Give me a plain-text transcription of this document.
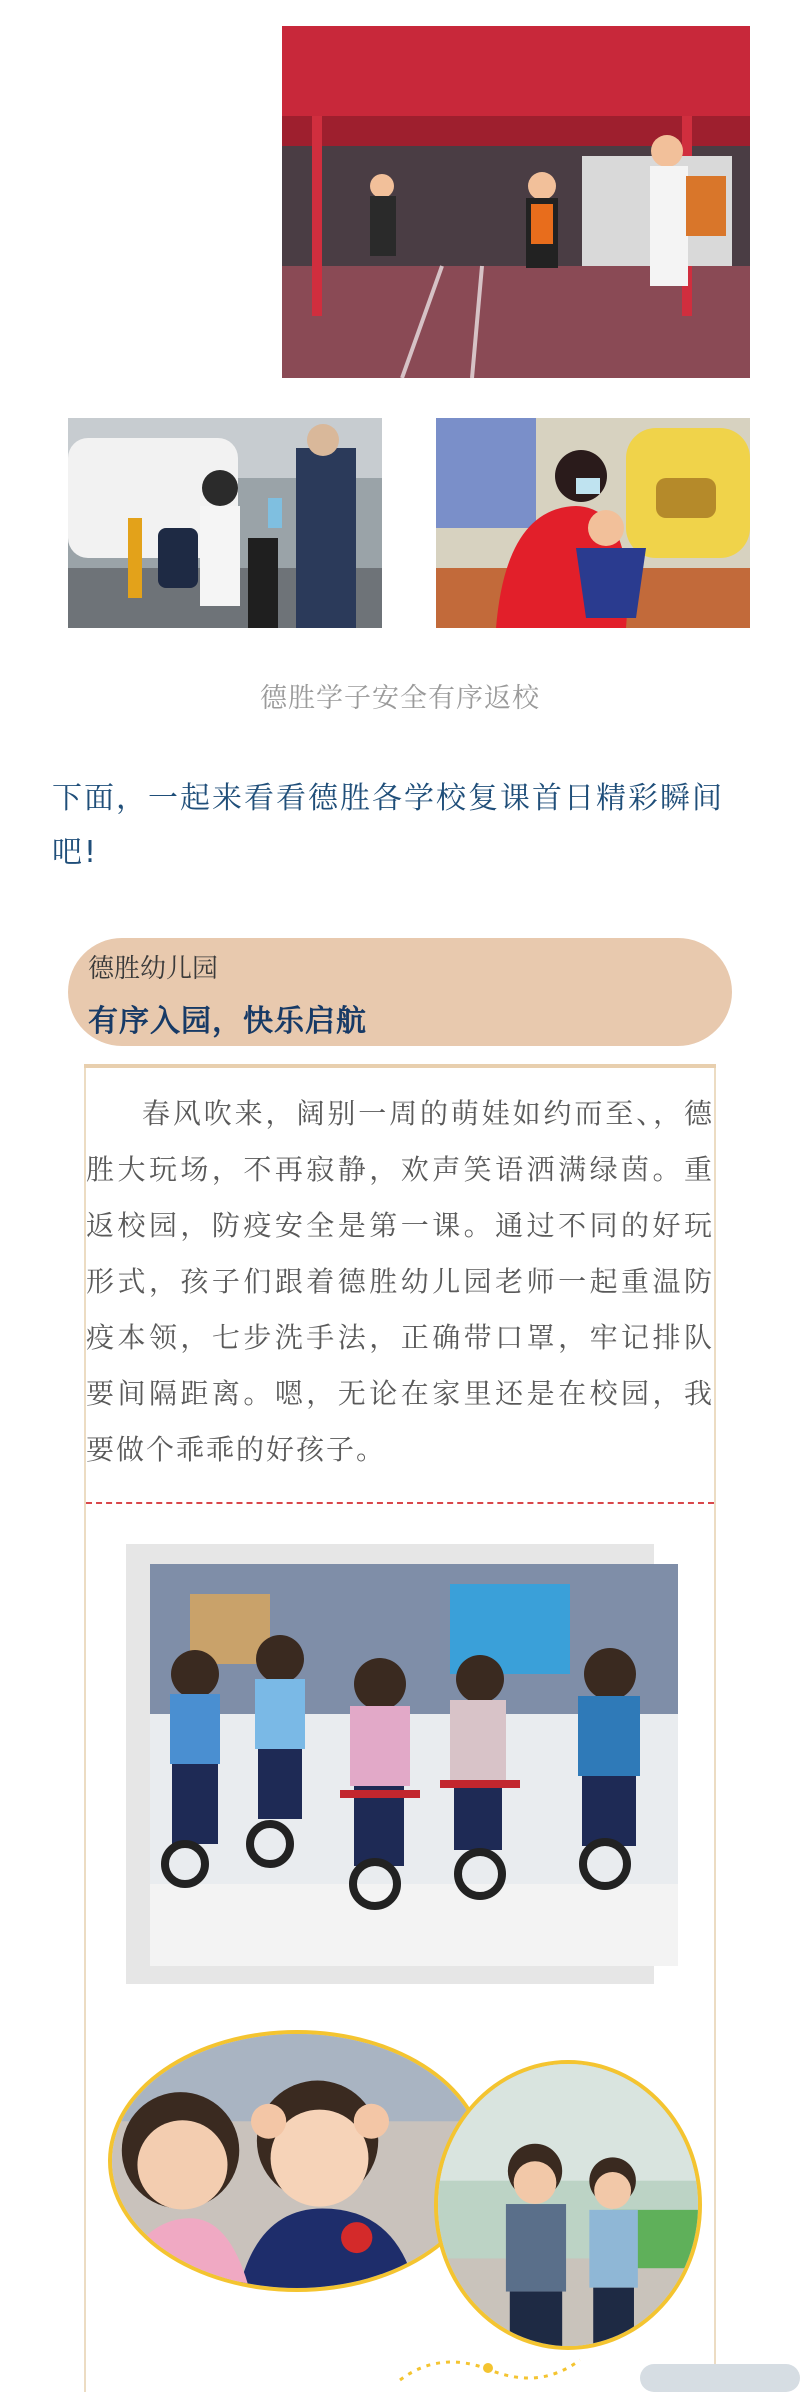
德胜学子安全有序返校
下面，一起来看看德胜各学校复课首日精彩瞬间吧!
德胜幼儿园
有序入园，快乐启航
春风吹来，阔别一周的萌娃如约而至、，德胜大玩场，不再寂静，欢声笑语洒满绿茵。重返校园，防疫安全是第一课。通过不同的好玩形式，孩子们跟着德胜幼儿园老师一起重温防疫本领，七步洗手法，正确带口罩，牢记排队要间隔距离。嗯，无论在家里还是在校园，我要做个乖乖的好孩子。
